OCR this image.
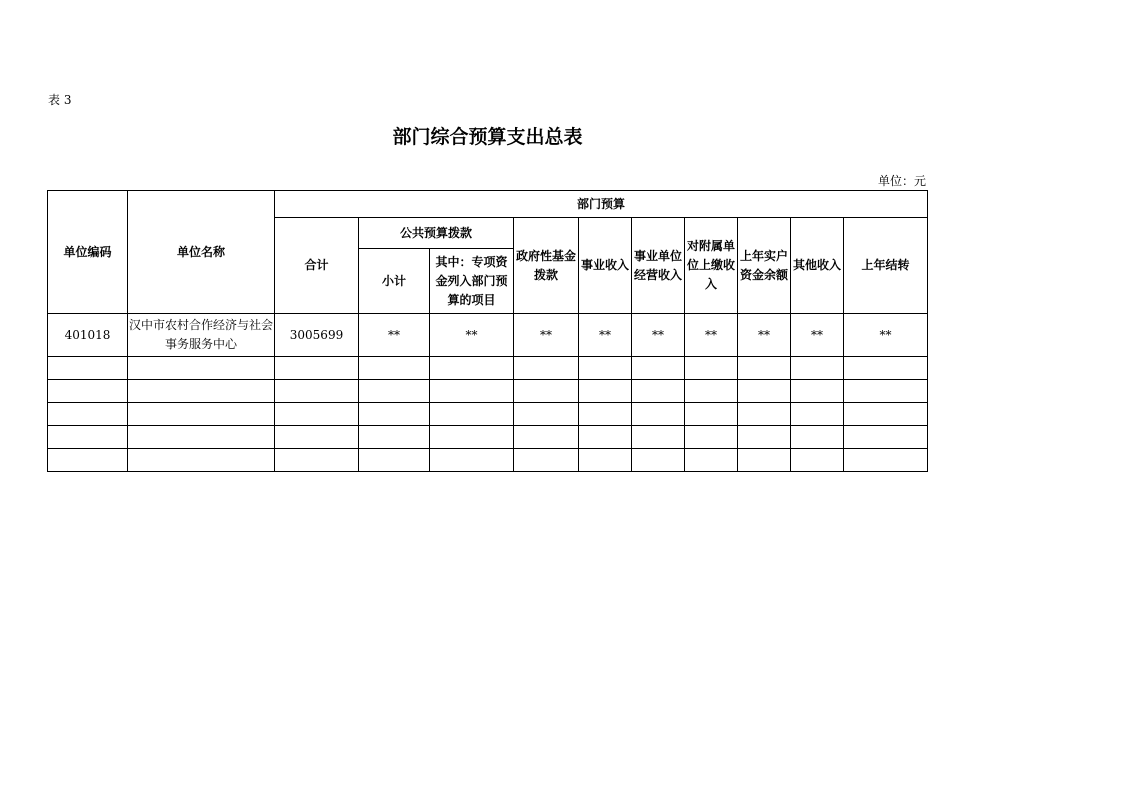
表 3
部门综合预算支出总表
单位：元
单位编码	单位名称	部门预算									
		合计	公共预算拨款		政府性基金拨款	事业收入	事业单位经营收入	对附属单位上缴收入	上年实户资金余额	其他收入	上年结转
			小计	其中：专项资金列入部门预算的项目							
401018	汉中市农村合作经济与社会事务服务中心	3005699	**	**	**	**	**	**	**	**	**
